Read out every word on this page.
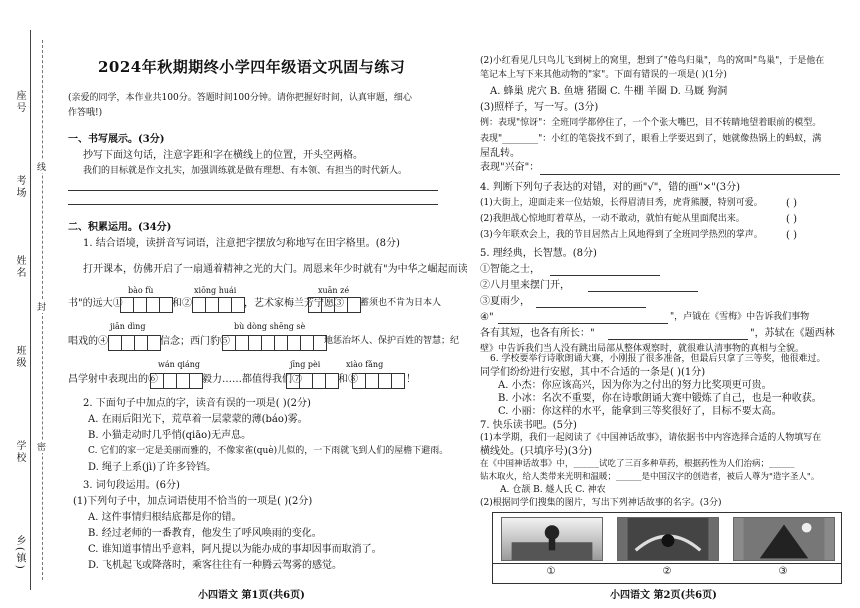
座号
考场
姓名
班级
学校
乡(镇)
线
封
密
2024年秋期期终小学四年级语文巩固与练习
(亲爱的同学，本作业共100分。答题时间100分钟。请你把握好时间，认真审题，细心
作答哦!)
一、书写展示。(3分)
抄写下面这句话，注意字距和字在横线上的位置，开头空两格。
我们的目标就是作文扎实，加强训练就是做有理想、有本领、有担当的时代新人。
二、积累运用。(34分)
1. 结合语境，读拼音写词语，注意把字摆放匀称地写在田字格里。(8分)
打开课本，仿佛开启了一扇通着精神之光的大门。周恩来年少时就有"为中华之崛起而读
bào fù	xiōng huái	xuān zé
书"的远大①	和②	，艺术家梅兰芳宁愿③ 蓄须也不肯为日本人
jiān dìng	bù dòng shēng sè
唱戏的④	信念；西门豹⑤	地惩治坏人、保护百姓的智慧；纪
wán qiáng	jīng pèi	xiào fǎng
昌学射中表现出的⑥	毅力……都值得我们⑦	和⑧	！
2. 下面句子中加点的字，读音有误的一项是( )(2分)
A. 在雨后阳光下，荒草着一层蒙蒙的薄(báo)雾。
B. 小猫走动时几乎悄(qiāo)无声息。
C. 它们的家一定是美丽而雅的，不像家雀(què)儿似的，一下雨就飞到人们的屋檐下避雨。
D. 绳子上系(jì)了许多铃铛。
3. 词句段运用。(6分)
(1)下列句子中，加点词语使用不恰当的一项是( )(2分)
A. 这件事情归根结底都是你的错。
B. 经过老师的一番教育，他发生了呼风唤雨的变化。
C. 谁知道事情出乎意料，阿凡提以为能办成的事却因事而取消了。
D. 飞机起飞或降落时，乘客往往有一种腾云驾雾的感觉。
小四语文 第1页(共6页)
(2)小红看见几只鸟儿飞到树上的窝里，想到了"倦鸟归巢"，鸟的窝叫"鸟巢"，于是他在
笔记本上写下来其他动物的"家"。下面有错误的一项是( )(1分)
A. 蜂巢 虎穴 B. 鱼塘 猪圈 C. 牛棚 羊圈 D. 马厩 狗洞
(3)照样子，写一写。(3分)
例：表现"惊讶"：全班同学都停住了，一个个张大嘴巴，目不转睛地望着眼前的模型。
表现"________"：小红的笔袋找不到了，眼看上学要迟到了，她就像热锅上的蚂蚁，满
屋乱转。
表现"兴奋"：
4. 判断下列句子表达的对错，对的画"√"，错的画"×"(3分)
(1)大街上，迎面走来一位姑娘，长得眉清目秀，虎背熊腰，特别可爱。 ( )
(2)我胆战心惊地盯着草丛，一动不敢动，就怕有蛇从里面爬出来。	( )
(3)今年联欢会上，我的节目居然占上风地得到了全班同学热烈的掌声。 ( )
5. 理经典，长智慧。(8分)
①智能之士，
②八月里来摆门开，
③夏雨少，
④"	"，卢钺在《雪梅》中告诉我们事物
各有其短，也各有所长："	"，苏轼在《题西林
壁》中告诉我们当人没有跳出局部从整体观察时，就很难认清事物的真相与全貌。
6. 学校要举行诗歌朗诵大赛，小刚报了很多准备，但最后只拿了三等奖，他很难过。
同学们纷纷进行安慰，其中不合适的一条是( )(1分)
A. 小杰：你应该高兴，因为你为之付出的努力比奖项更可贵。
B. 小冰：名次不重要，你在诗歌朗诵大赛中锻炼了自己，也是一种收获。
C. 小丽：你这样的水平，能拿到三等奖很好了，目标不要太高。
7. 快乐读书吧。(5分)
(1)本学期，我们一起阅读了《中国神话故事》，请依据书中内容选择合适的人物填写在
横线处。(只填序号)(3分)
在《中国神话故事》中，______试吃了三百多种草药，根据药性为人们治病；______
钻木取火，给人类带来光明和温暖；______是中国汉字的创造者，被后人尊为"造字圣人"。
A. 仓颉 B. 燧人氏 C. 神农
(2)根据同学们搜集的图片，写出下列神话故事的名字。(3分)
①	②	③
小四语文 第2页(共6页)
